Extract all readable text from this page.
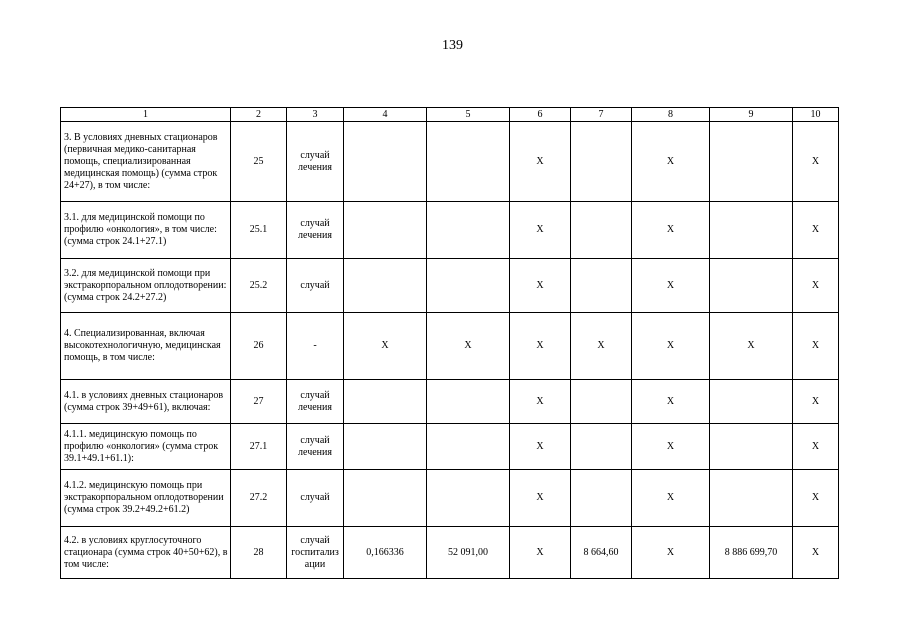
139
1	2	3	4	5	6	7	8	9	10
3. В условиях дневных стационаров (первичная медико-санитарная помощь, специализированная медицинская помощь) (сумма строк 24+27), в том числе:	25	случай лечения			X		X		X
3.1. для медицинской помощи по профилю «онкология», в том числе: (сумма строк 24.1+27.1)	25.1	случай лечения			X		X		X
3.2. для медицинской помощи при экстракорпоральном оплодотворении: (сумма строк 24.2+27.2)	25.2	случай			X		X		X
4. Специализированная, включая высокотехнологичную, медицинская помощь, в том числе:	26	-	X	X	X	X	X	X	X
4.1. в условиях дневных стационаров (сумма строк 39+49+61), включая:	27	случай лечения			X		X		X
4.1.1. медицинскую помощь по профилю «онкология» (сумма строк 39.1+49.1+61.1):	27.1	случай лечения			X		X		X
4.1.2. медицинскую помощь при экстракорпоральном оплодотворении (сумма строк 39.2+49.2+61.2)	27.2	случай			X		X		X
4.2. в условиях круглосуточного стационара (сумма строк 40+50+62), в том числе:	28	случай госпитализ ации	0,166336	52 091,00	X	8 664,60	X	8 886 699,70	X
